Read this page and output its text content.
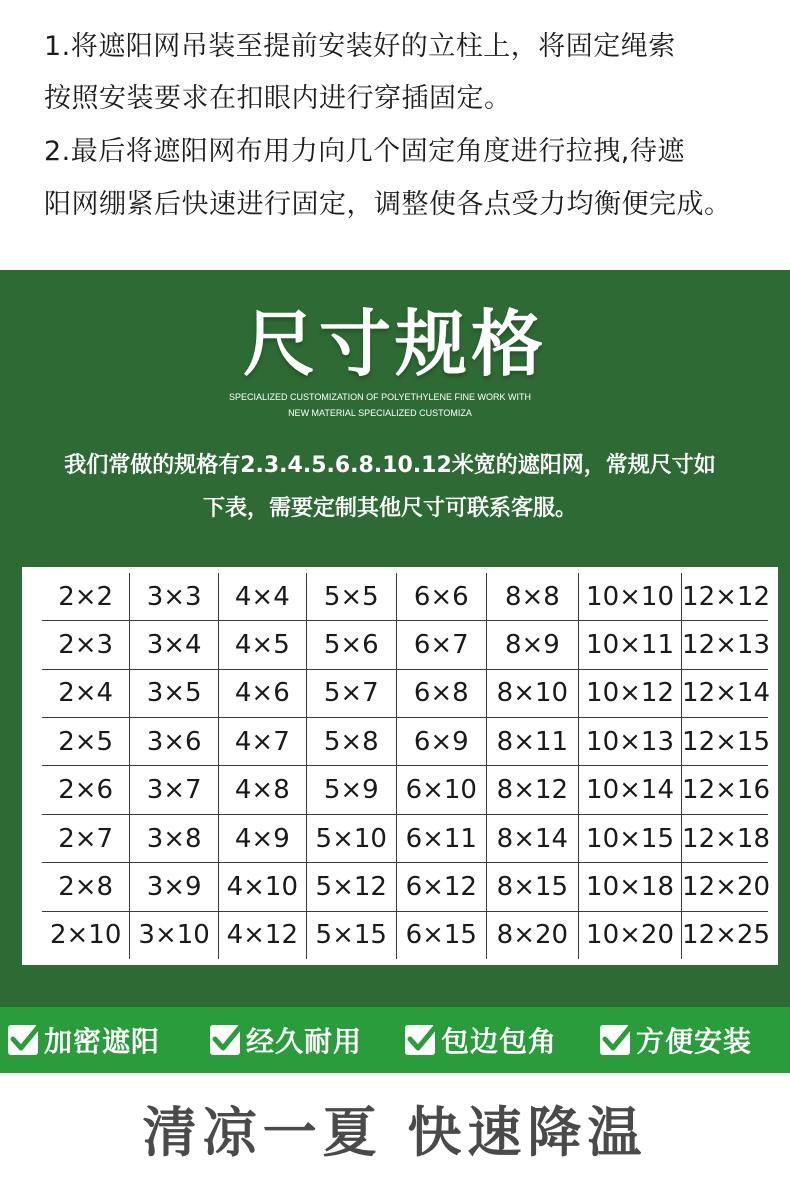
1.将遮阳网吊装至提前安装好的立柱上，将固定绳索
按照安装要求在扣眼内进行穿插固定。
2.最后将遮阳网布用力向几个固定角度进行拉拽,待遮
阳网绷紧后快速进行固定，调整使各点受力均衡便完成。
尺寸规格
SPECIALIZED CUSTOMIZATION OF POLYETHYLENE FINE WORK WITH
NEW MATERIAL SPECIALIZED CUSTOMIZA
我们常做的规格有2.3.4.5.6.8.10.12米宽的遮阳网，常规尺寸如
下表，需要定制其他尺寸可联系客服。
2×2	3×3	4×4	5×5	6×6	8×8	10×10	12×12
2×3	3×4	4×5	5×6	6×7	8×9	10×11	12×13
2×4	3×5	4×6	5×7	6×8	8×10	10×12	12×14
2×5	3×6	4×7	5×8	6×9	8×11	10×13	12×15
2×6	3×7	4×8	5×9	6×10	8×12	10×14	12×16
2×7	3×8	4×9	5×10	6×11	8×14	10×15	12×18
2×8	3×9	4×10	5×12	6×12	8×15	10×18	12×20
2×10	3×10	4×12	5×15	6×15	8×20	10×20	12×25
加密遮阳	经久耐用	包边包角	方便安装
清凉一夏 快速降温
